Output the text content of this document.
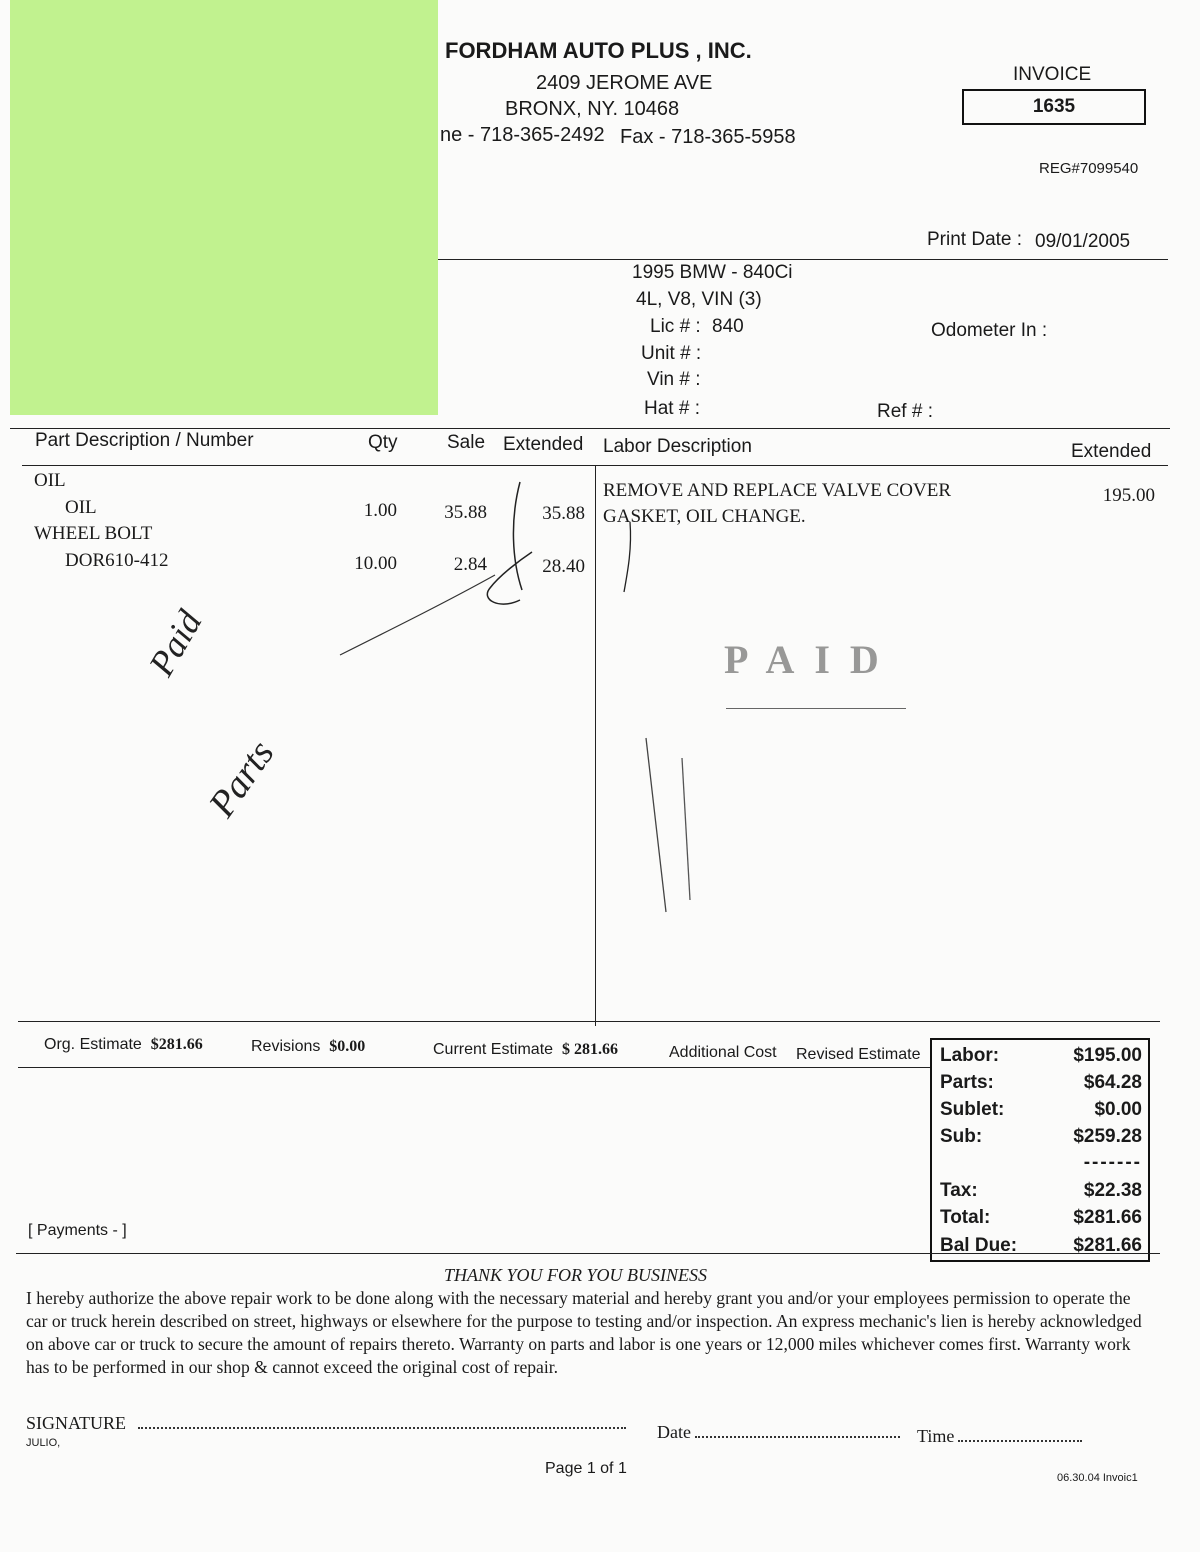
FORDHAM AUTO PLUS , INC.
2409 JEROME AVE
BRONX, NY. 10468
ne - 718-365-2492 Fax - 718-365-5958
INVOICE
1635
REG#7099540
Print Date : 09/01/2005
1995 BMW - 840Ci
4L, V8, VIN (3)
Lic # : 840
Unit # :
Vin # :
Hat # :	Ref # :
Odometer In :
Part Description / Number	Qty	Sale Extended Labor Description	Extended
OIL
OIL	1.00	35.88	35.88
WHEEL BOLT
DOR610-412	10.00	2.84	28.40
REMOVE AND REPLACE VALVE COVER
GASKET, OIL CHANGE.
195.00
PAID
Paid
Parts
Org. Estimate $281.66	Revisions $0.00	Current Estimate $ 281.66	Additional Cost Revised Estimate Labor:	$195.00
Parts:	$64.28
Sublet:	$0.00
Sub:	$259.28
-------
Tax:	$22.38
Total:	$281.66
Bal Due:	$281.66
[ Payments - ]
THANK YOU FOR YOU BUSINESS
I hereby authorize the above repair work to be done along with the necessary material and hereby grant you and/or your employees permission to operate the car or truck herein described on street, highways or elsewhere for the purpose to testing and/or inspection. An express mechanic's lien is hereby acknowledged on above car or truck to secure the amount of repairs thereto. Warranty on parts and labor is one years or 12,000 miles whichever comes first. Warranty work has to be performed in our shop & cannot exceed the original cost of repair.
SIGNATURE
JULIO,
Date	Time
Page 1 of 1
06.30.04 Invoic1
